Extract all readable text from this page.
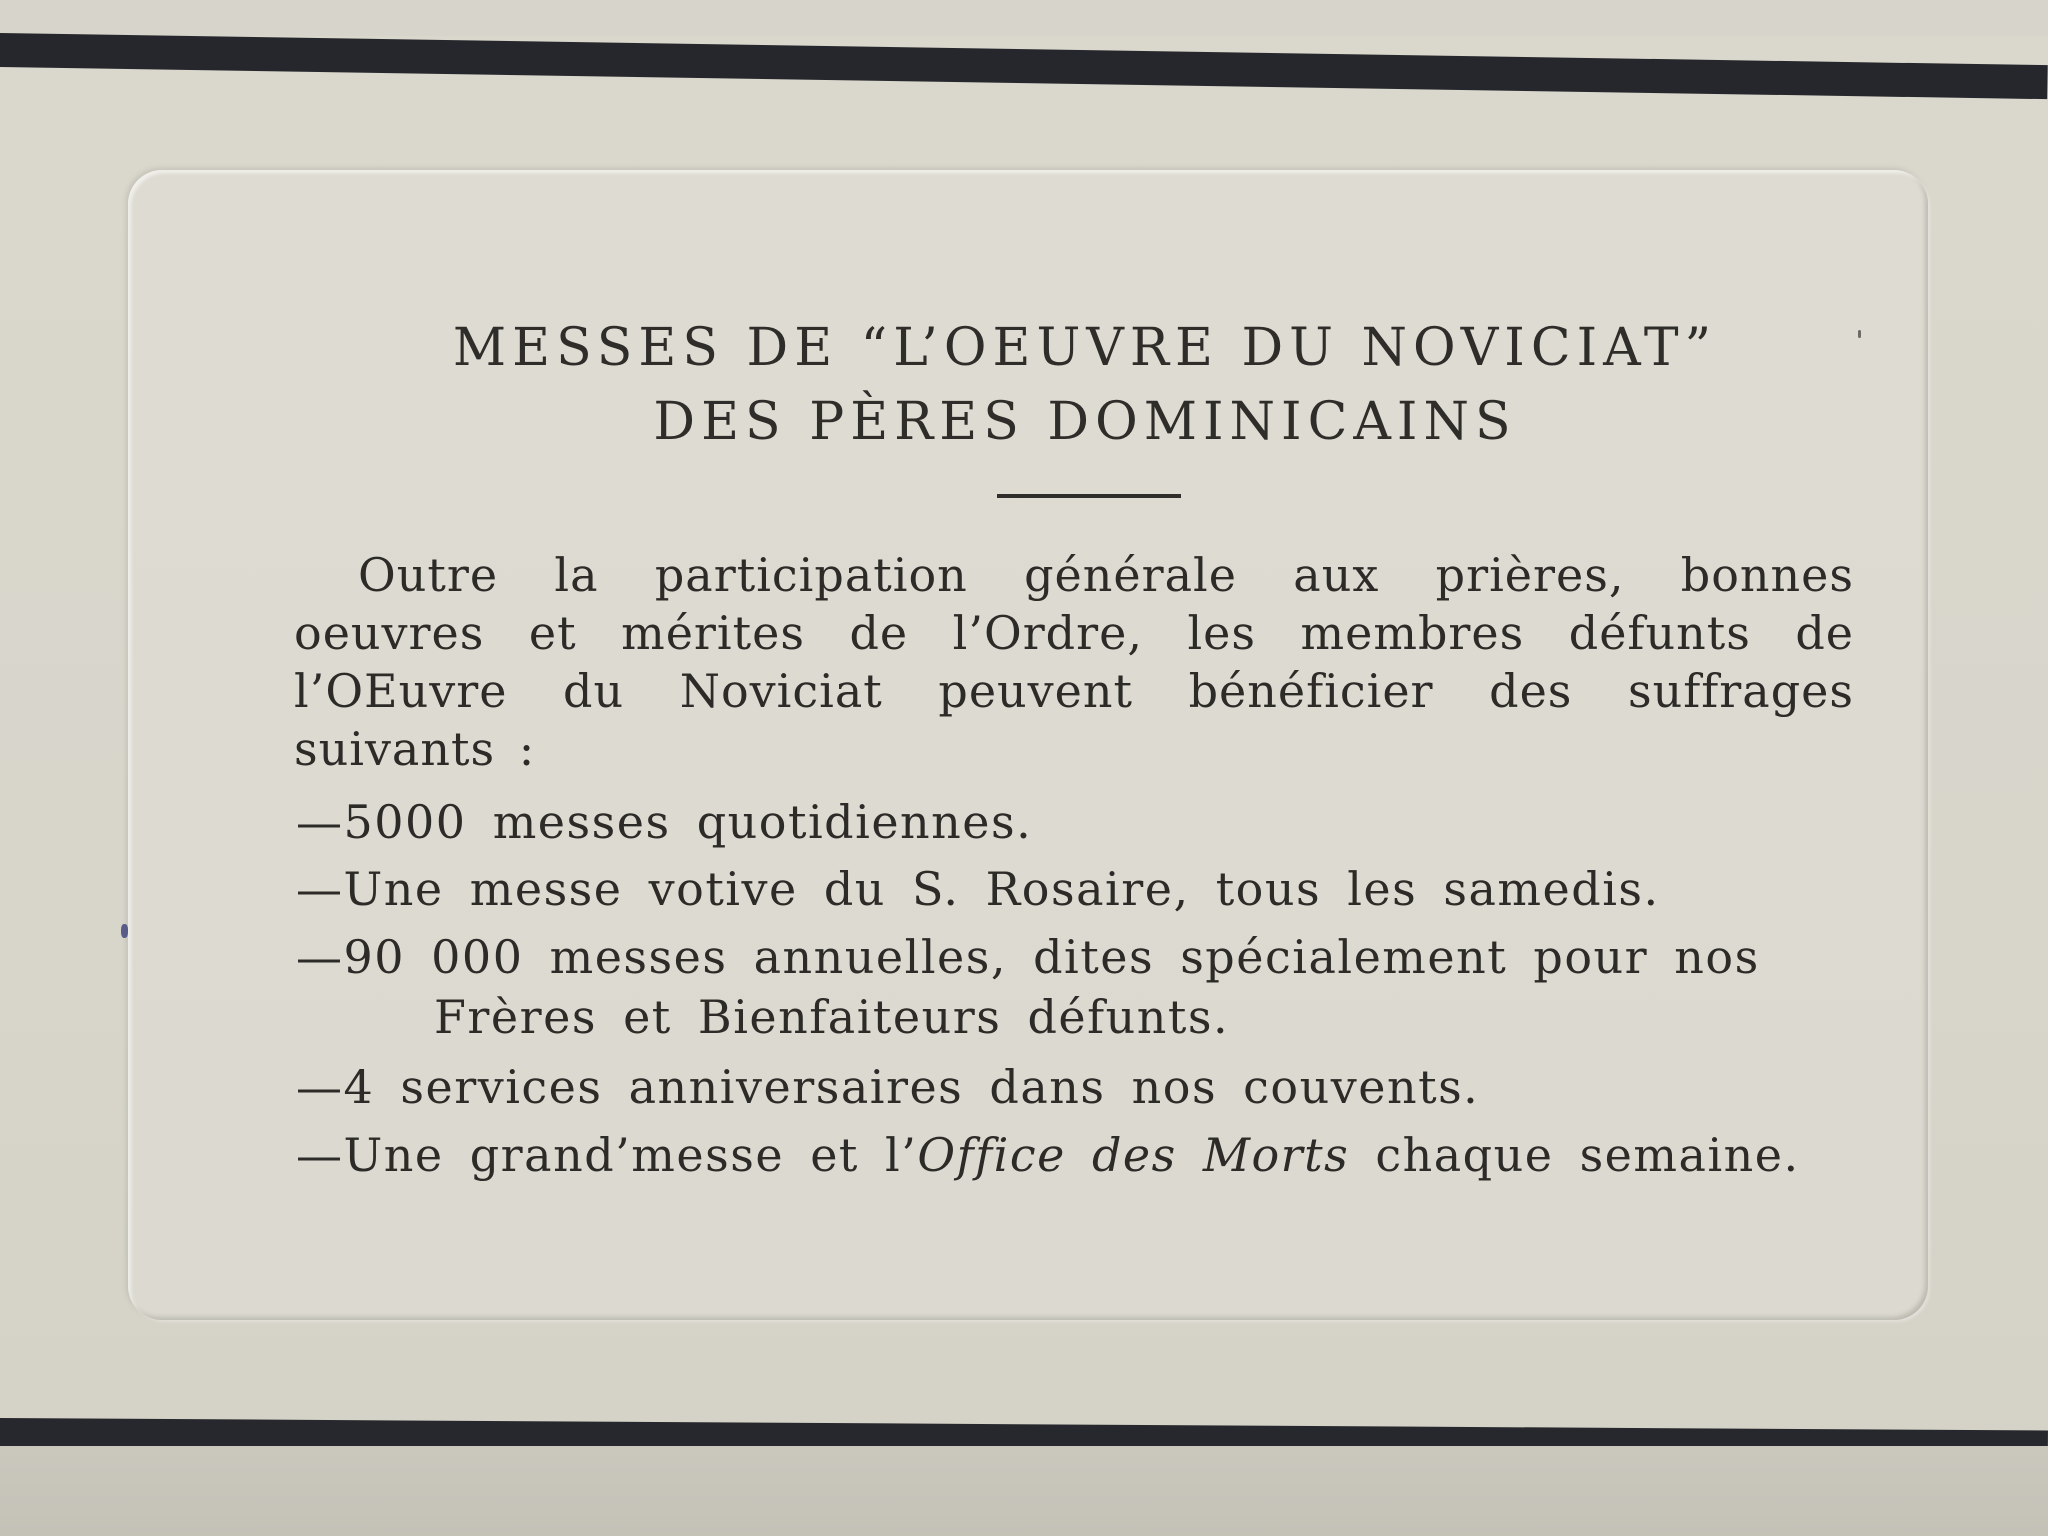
MESSES DE “L’OEUVRE DU NOVICIAT”
DES PÈRES DOMINICAINS
Outre la participation générale aux prières, bonnes
oeuvres et mérites de l’Ordre, les membres défunts de
l’OEuvre du Noviciat peuvent bénéficier des suffrages
suivants :

—5000 messes quotidiennes.

—Une messe votive du S. Rosaire, tous les samedis.

—90 000 messes annuelles, dites spécialement pour nos
Frères et Bienfaiteurs défunts.

—4 services anniversaires dans nos couvents.

—Une grand’messe et l’Office des Morts chaque semaine.
